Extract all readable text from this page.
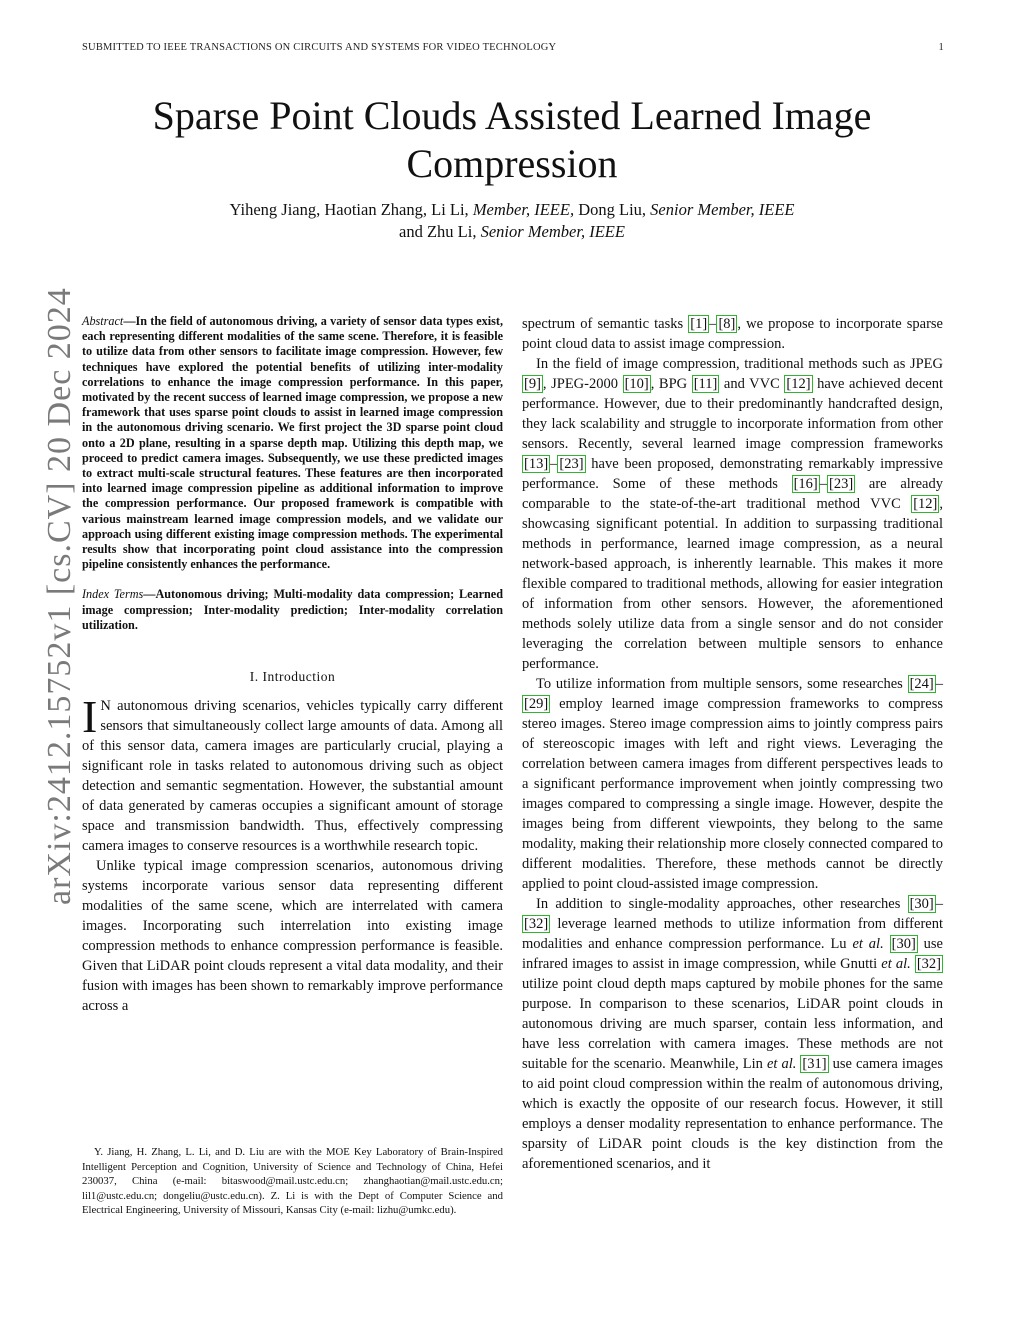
SUBMITTED TO IEEE TRANSACTIONS ON CIRCUITS AND SYSTEMS FOR VIDEO TECHNOLOGY	1
arXiv:2412.15752v1 [cs.CV] 20 Dec 2024
Sparse Point Clouds Assisted Learned Image
Compression
Yiheng Jiang, Haotian Zhang, Li Li, Member, IEEE, Dong Liu, Senior Member, IEEE
and Zhu Li, Senior Member, IEEE

Abstract—In the field of autonomous driving, a variety of sensor data types exist, each representing different modalities of the same scene. Therefore, it is feasible to utilize data from other sensors to facilitate image compression. However, few techniques have explored the potential benefits of utilizing inter-modality correlations to enhance the image compression performance. In this paper, motivated by the recent success of learned image compression, we propose a new framework that uses sparse point clouds to assist in learned image compression in the autonomous driving scenario. We first project the 3D sparse point cloud onto a 2D plane, resulting in a sparse depth map. Utilizing this depth map, we proceed to predict camera images. Subsequently, we use these predicted images to extract multi-scale structural features. These features are then incorporated into learned image compression pipeline as additional information to improve the compression performance. Our proposed framework is compatible with various mainstream learned image compression models, and we validate our approach using different existing image compression methods. The experimental results show that incorporating point cloud assistance into the compression pipeline consistently enhances the performance.

Index Terms—Autonomous driving; Multi-modality data compression; Learned image compression; Inter-modality prediction; Inter-modality correlation utilization.

I. Introduction

I N autonomous driving scenarios, vehicles typically carry different sensors that simultaneously collect large amounts of data. Among all of this sensor data, camera images are particularly crucial, playing a significant role in tasks related to autonomous driving such as object detection and semantic segmentation. However, the substantial amount of data generated by cameras occupies a significant amount of storage space and transmission bandwidth. Thus, effectively compressing camera images to conserve resources is a worthwhile research topic.

Unlike typical image compression scenarios, autonomous driving systems incorporate various sensor data representing different modalities of the same scene, which are interrelated with camera images. Incorporating such interrelation into existing image compression methods to enhance compression performance is feasible. Given that LiDAR point clouds represent a vital data modality, and their fusion with images has been shown to remarkably improve performance across a

Y. Jiang, H. Zhang, L. Li, and D. Liu are with the MOE Key Laboratory of Brain-Inspired Intelligent Perception and Cognition, University of Science and Technology of China, Hefei 230037, China (e-mail: bitaswood@mail.ustc.edu.cn; zhanghaotian@mail.ustc.edu.cn; lil1@ustc.edu.cn; dongeliu@ustc.edu.cn). Z. Li is with the Dept of Computer Science and Electrical Engineering, University of Missouri, Kansas City (e-mail: lizhu@umkc.edu).

spectrum of semantic tasks [1] – [8] , we propose to incorporate sparse point cloud data to assist image compression.

In the field of image compression, traditional methods such as JPEG [9] , JPEG-2000 [10] , BPG [11] and VVC [12] have achieved decent performance. However, due to their predominantly handcrafted design, they lack scalability and struggle to incorporate information from other sensors. Recently, several learned image compression frameworks [13] – [23] have been proposed, demonstrating remarkably impressive performance. Some of these methods [16] – [23] are already comparable to the state-of-the-art traditional method VVC [12] , showcasing significant potential. In addition to surpassing traditional methods in performance, learned image compression, as a neural network-based approach, is inherently learnable. This makes it more flexible compared to traditional methods, allowing for easier integration of information from other sensors. However, the aforementioned methods solely utilize data from a single sensor and do not consider leveraging the correlation between multiple sensors to enhance performance.

To utilize information from multiple sensors, some researches [24] –[29] employ learned image compression frameworks to compress stereo images. Stereo image compression aims to jointly compress pairs of stereoscopic images with left and right views. Leveraging the correlation between camera images from different perspectives leads to a significant performance improvement when jointly compressing two images compared to compressing a single image. However, despite the images being from different viewpoints, they belong to the same modality, making their relationship more closely connected compared to different modalities. Therefore, these methods cannot be directly applied to point cloud-assisted image compression.

In addition to single-modality approaches, other researches [30] –[32] leverage learned methods to utilize information from different modalities and enhance compression performance. Lu et al. [30] use infrared images to assist in image compression, while Gnutti et al. [32] utilize point cloud depth maps captured by mobile phones for the same purpose. In comparison to these scenarios, LiDAR point clouds in autonomous driving are much sparser, contain less information, and have less correlation with camera images. These methods are not suitable for the scenario. Meanwhile, Lin et al. [31] use camera images to aid point cloud compression within the realm of autonomous driving, which is exactly the opposite of our research focus. However, it still employs a denser modality representation to enhance performance. The sparsity of LiDAR point clouds is the key distinction from the aforementioned scenarios, and it
